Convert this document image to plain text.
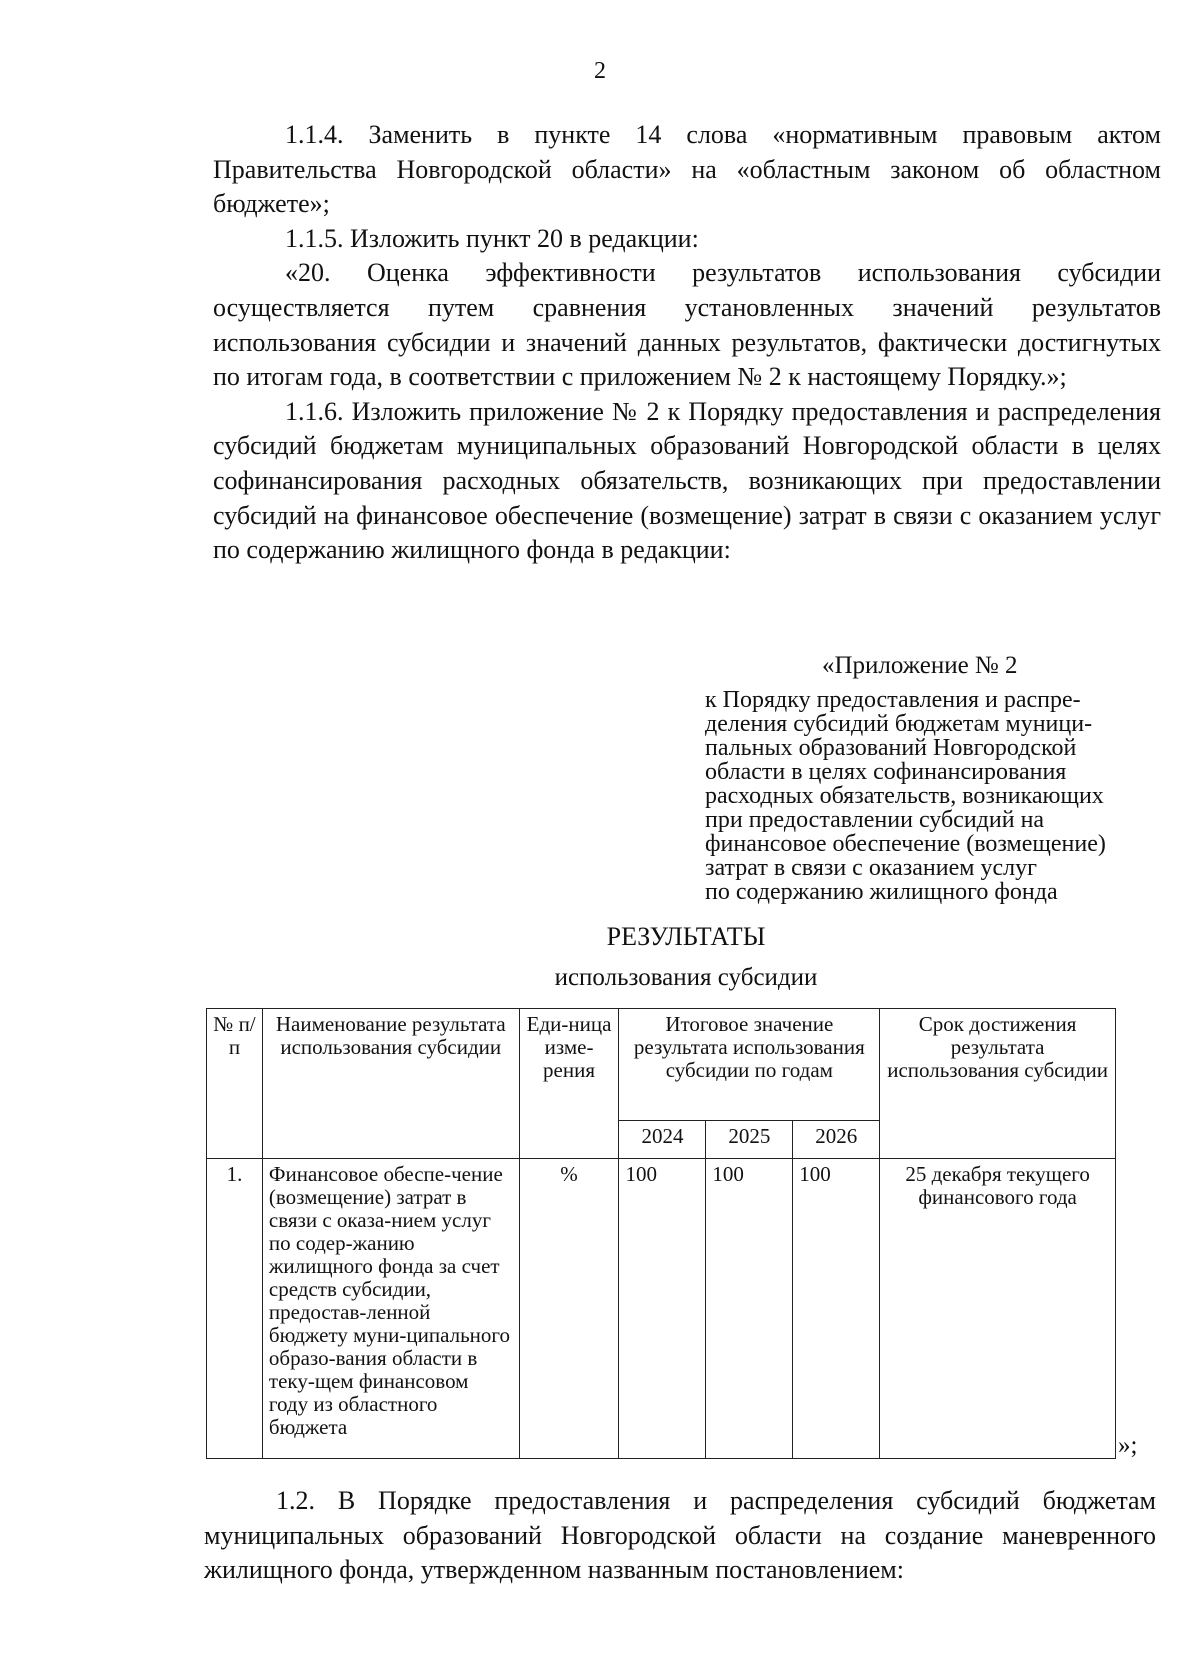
2

1.1.4. Заменить в пункте 14 слова «нормативным правовым актом Правительства Новгородской области» на «областным законом об областном бюджете»;

1.1.5. Изложить пункт 20 в редакции:

«20. Оценка эффективности результатов использования субсидии осуществляется путем сравнения установленных значений результатов использования субсидии и значений данных результатов, фактически достигнутых по итогам года, в соответствии с приложением № 2 к настоящему Порядку.»;

1.1.6. Изложить приложение № 2 к Порядку предоставления и распределения субсидий бюджетам муниципальных образований Новгородской области в целях софинансирования расходных обязательств, возникающих при предоставлении субсидий на финансовое обеспечение (возмещение) затрат в связи с оказанием услуг по содержанию жилищного фонда в редакции:

«Приложение № 2
к Порядку предоставления и распре-
деления субсидий бюджетам муници-
пальных образований Новгородской
области в целях софинансирования
расходных обязательств, возникающих
при предоставлении субсидий на
финансовое обеспечение (возмещение)
затрат в связи с оказанием услуг
по содержанию жилищного фонда
РЕЗУЛЬТАТЫ
использования субсидии
№ п/п	Наименование результата использования субсидии	Еди-ница изме-рения	Итоговое значение результата использования субсидии по годам			Срок достижения результата использования субсидии
			2024	2025	2026	
1.	Финансовое обеспе-чение (возмещение) затрат в связи с оказа-нием услуг по содер-жанию жилищного фонда за счет средств субсидии, предостав-ленной бюджету муни-ципального образо-вания области в теку-щем финансовом году из областного бюджета	%	100	100	100	25 декабря текущего финансового года
»;

1.2. В Порядке предоставления и распределения субсидий бюджетам муниципальных образований Новгородской области на создание маневренного жилищного фонда, утвержденном названным постановлением:
